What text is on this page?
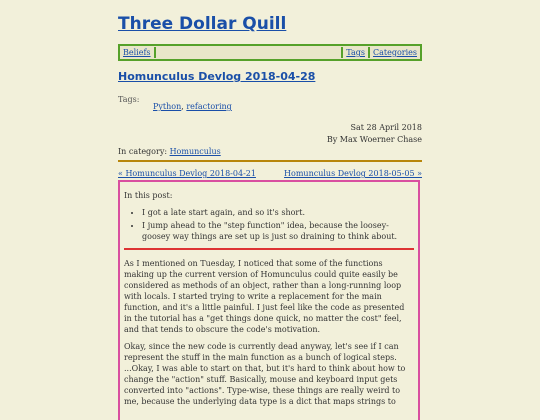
Three Dollar Quill
Beliefs	Tags	Categories
Homunculus Devlog 2018-04-28
Tags:
Python, refactoring
Sat 28 April 2018
By Max Woerner Chase
In category: Homunculus
« Homunculus Devlog 2018-04-21	Homunculus Devlog 2018-05-05 »

In this post:

• I got a late start again, and so it's short.
• I jump ahead to the "step function" idea, because the loosey-goosey way things are set up is just so draining to think about.

As I mentioned on Tuesday, I noticed that some of the functions making up the current version of Homunculus could quite easily be considered as methods of an object, rather than a long-running loop with locals. I started trying to write a replacement for the main function, and it's a little painful. I just feel like the code as presented in the tutorial has a "get things done quick, no matter the cost" feel, and that tends to obscure the code's motivation.

Okay, since the new code is currently dead anyway, let's see if I can represent the stuff in the main function as a bunch of logical steps. ...Okay, I was able to start on that, but it's hard to think about how to change the "action" stuff. Basically, mouse and keyboard input gets converted into "actions". Type-wise, these things are really weird to me, because the underlying data type is a dict that maps strings to
